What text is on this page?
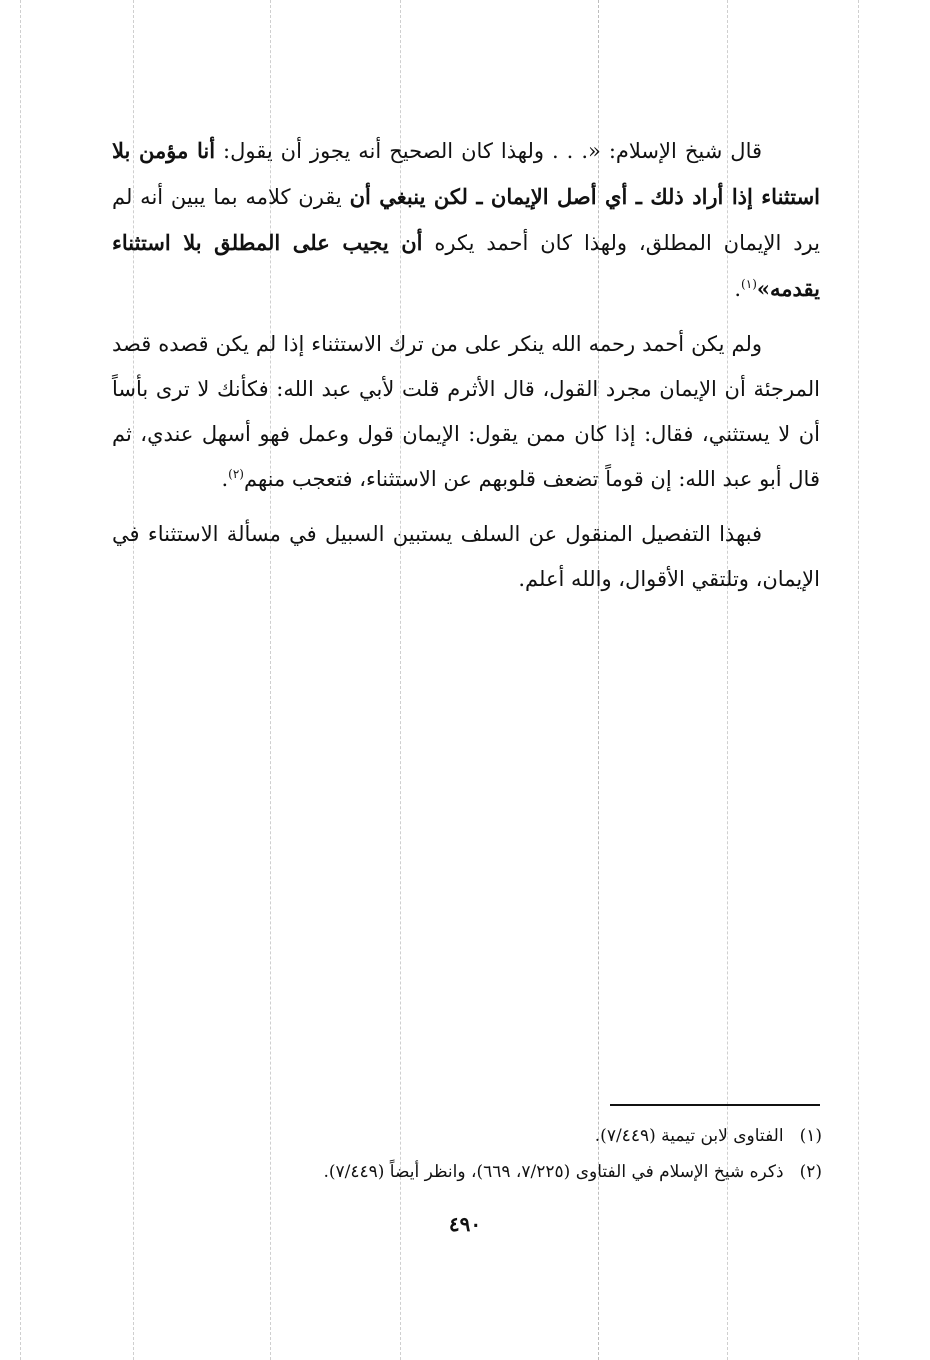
قال شيخ الإسلام: «. . . ولهذا كان الصحيح أنه يجوز أن يقول: أنا مؤمن بلا استثناء إذا أراد ذلك ـ أي أصل الإيمان ـ لكن ينبغي أن يقرن كلامه بما يبين أنه لم يرد الإيمان المطلق، ولهذا كان أحمد يكره أن يجيب على المطلق بلا استثناء يقدمه»$^{(١)}$.

ولم يكن أحمد رحمه الله ينكر على من ترك الاستثناء إذا لم يكن قصده قصد المرجئة أن الإيمان مجرد القول، قال الأثرم قلت لأبي عبد الله: فكأنك لا ترى بأساً أن لا يستثني، فقال: إذا كان ممن يقول: الإيمان قول وعمل فهو أسهل عندي، ثم قال أبو عبد الله: إن قوماً تضعف قلوبهم عن الاستثناء، فتعجب منهم$^{(٢)}$.

فبهذا التفصيل المنقول عن السلف يستبين السبيل في مسألة الاستثناء في الإيمان، وتلتقي الأقوال، والله أعلم.

(١)الفتاوى لابن تيمية (٧/٤٤٩).

(٢)ذكره شيخ الإسلام في الفتاوى (٧/٢٢٥، ٦٦٩)، وانظر أيضاً (٧/٤٤٩).

٤٩٠
